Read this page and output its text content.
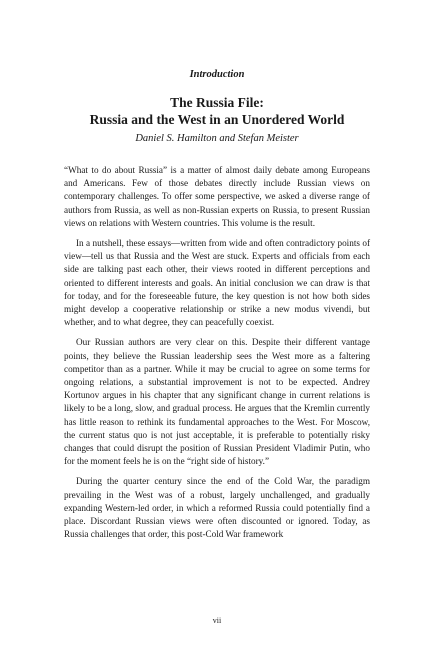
Introduction

The Russia File:
Russia and the West in an Unordered World

Daniel S. Hamilton and Stefan Meister

“What to do about Russia” is a matter of almost daily debate among Europeans and Americans. Few of those debates directly include Russian views on contemporary challenges. To offer some perspective, we asked a diverse range of authors from Russia, as well as non-Russian experts on Russia, to present Russian views on relations with Western countries. This volume is the result.

In a nutshell, these essays—written from wide and often contradictory points of view—tell us that Russia and the West are stuck. Experts and officials from each side are talking past each other, their views rooted in different perceptions and oriented to different interests and goals. An initial conclusion we can draw is that for today, and for the foreseeable future, the key question is not how both sides might develop a cooperative relationship or strike a new modus vivendi, but whether, and to what degree, they can peacefully coexist.

Our Russian authors are very clear on this. Despite their different vantage points, they believe the Russian leadership sees the West more as a faltering competitor than as a partner. While it may be crucial to agree on some terms for ongoing relations, a substantial improvement is not to be expected. Andrey Kortunov argues in his chapter that any significant change in current relations is likely to be a long, slow, and gradual process. He argues that the Kremlin currently has little reason to rethink its fundamental approaches to the West. For Moscow, the current status quo is not just acceptable, it is preferable to potentially risky changes that could disrupt the position of Russian President Vladimir Putin, who for the moment feels he is on the “right side of history.”

During the quarter century since the end of the Cold War, the paradigm prevailing in the West was of a robust, largely unchallenged, and gradually expanding Western-led order, in which a reformed Russia could potentially find a place. Discordant Russian views were often discounted or ignored. Today, as Russia challenges that order, this post-Cold War framework

vii
